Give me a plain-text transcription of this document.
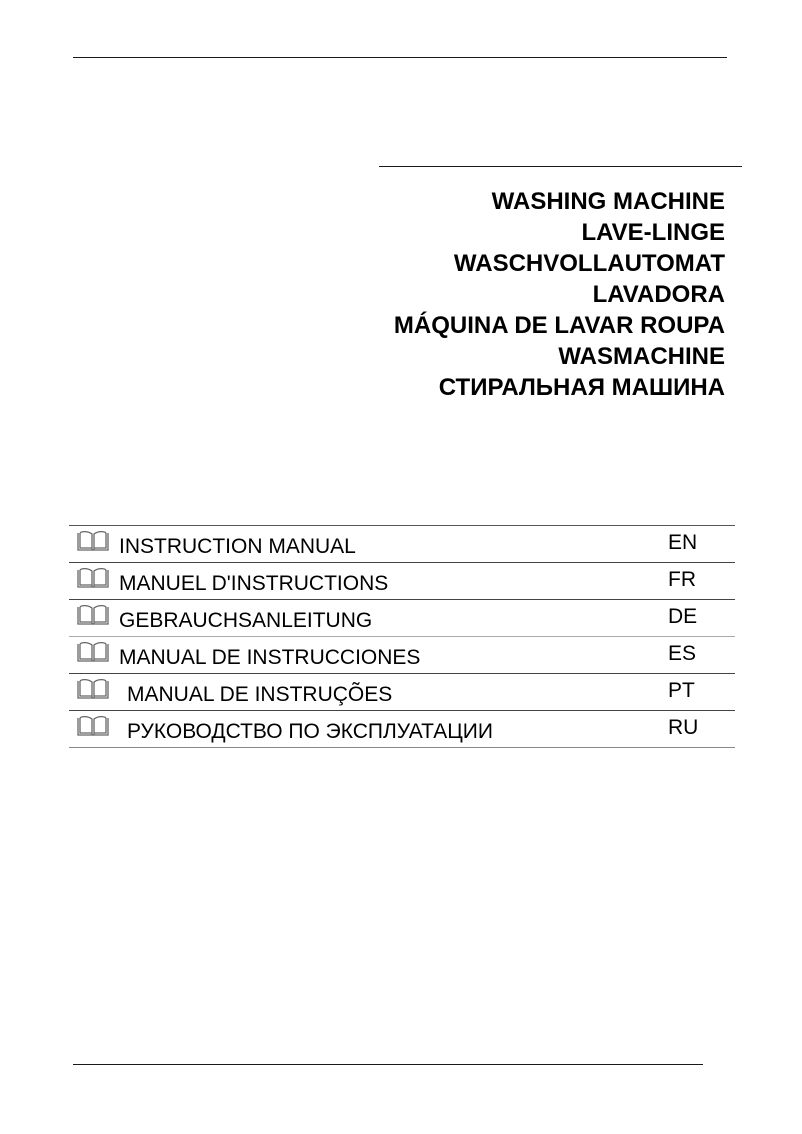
WASHING MACHINE
LAVE-LINGE
WASCHVOLLAUTOMAT
LAVADORA
MÁQUINA DE LAVAR ROUPA
WASMACHINE
СТИРАЛЬНАЯ МАШИНА
INSTRUCTION MANUAL	EN
MANUEL D'INSTRUCTIONS	FR
GEBRAUCHSANLEITUNG	DE
MANUAL DE INSTRUCCIONES	ES
MANUAL DE INSTRUÇÕES	PT
РУКОВОДСТВО ПО ЭКСПЛУАТАЦИИ	RU
